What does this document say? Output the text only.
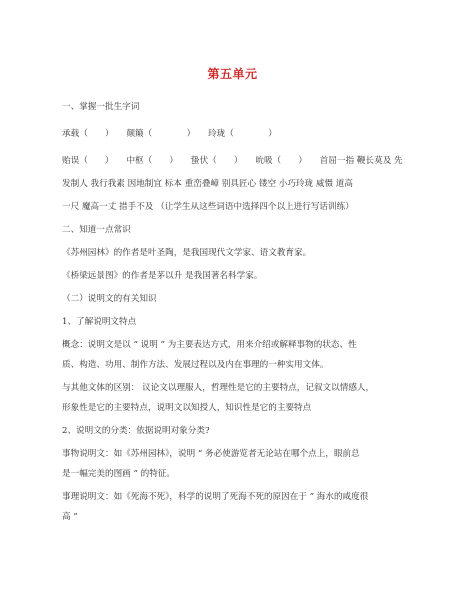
第五单元

一、掌握一批生字词

承载（　　）　　颠簸（　　　　）　　玲珑（　　　　）

贻误（　　）　　中枢（　　）　　蛰伏（　　）　　吮吸（　　）　　首屈一指 鞭长莫及 先

发制人 我行我素 因地制宜 标本 重峦叠嶂 别具匠心 镂空 小巧玲珑 威慑 道高

一尺 魔高一丈 措手不及 （让学生从这些词语中选择四个以上进行写话训练）

二、知道一点常识

《苏州园林》的作者是叶圣陶，是我国现代文学家、语文教育家。

《桥梁远景图》的作者是茅以升 是我国著名科学家。

（二）说明文的有关知识

1、了解说明文特点

概念：说明文是以 “ 说明 ” 为主要表达方式，用来介绍或解释事物的状态、性

质、构造、功用、制作方法、发展过程以及内在事理的一种实用文体。

与其他文体的区别： 议论文以理服人，哲理性是它的主要特点，记叙文以情感人，

形象性是它的主要特点，说明文以知授人，知识性是它的主要特点

2、说明文的分类：依据说明对象分类?

事物说明文：如《苏州园林》，说明 “ 务必使游览者无论站在哪个点上，眼前总

是一幅完美的图画 ” 的特征。

事理说明文：如《死海不死》，科学的说明了死海不死的原因在于 ” 海水的咸度很

高 ”
